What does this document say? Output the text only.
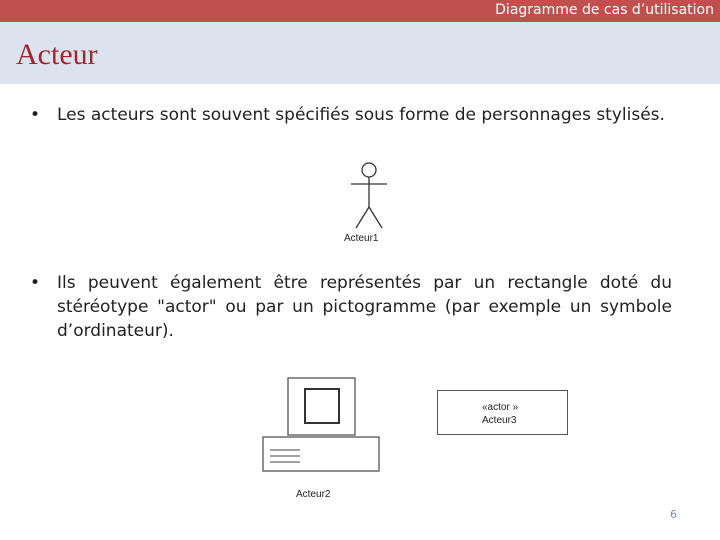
Diagramme de cas d’utilisation
Acteur
• Les acteurs sont souvent spécifiés sous forme de personnages stylisés.
Acteur1
• Ils peuvent également être représentés par un rectangle doté du stéréotype "actor" ou par un pictogramme (par exemple un symbole d’ordinateur).
Acteur2
«actor »
Acteur3
6
